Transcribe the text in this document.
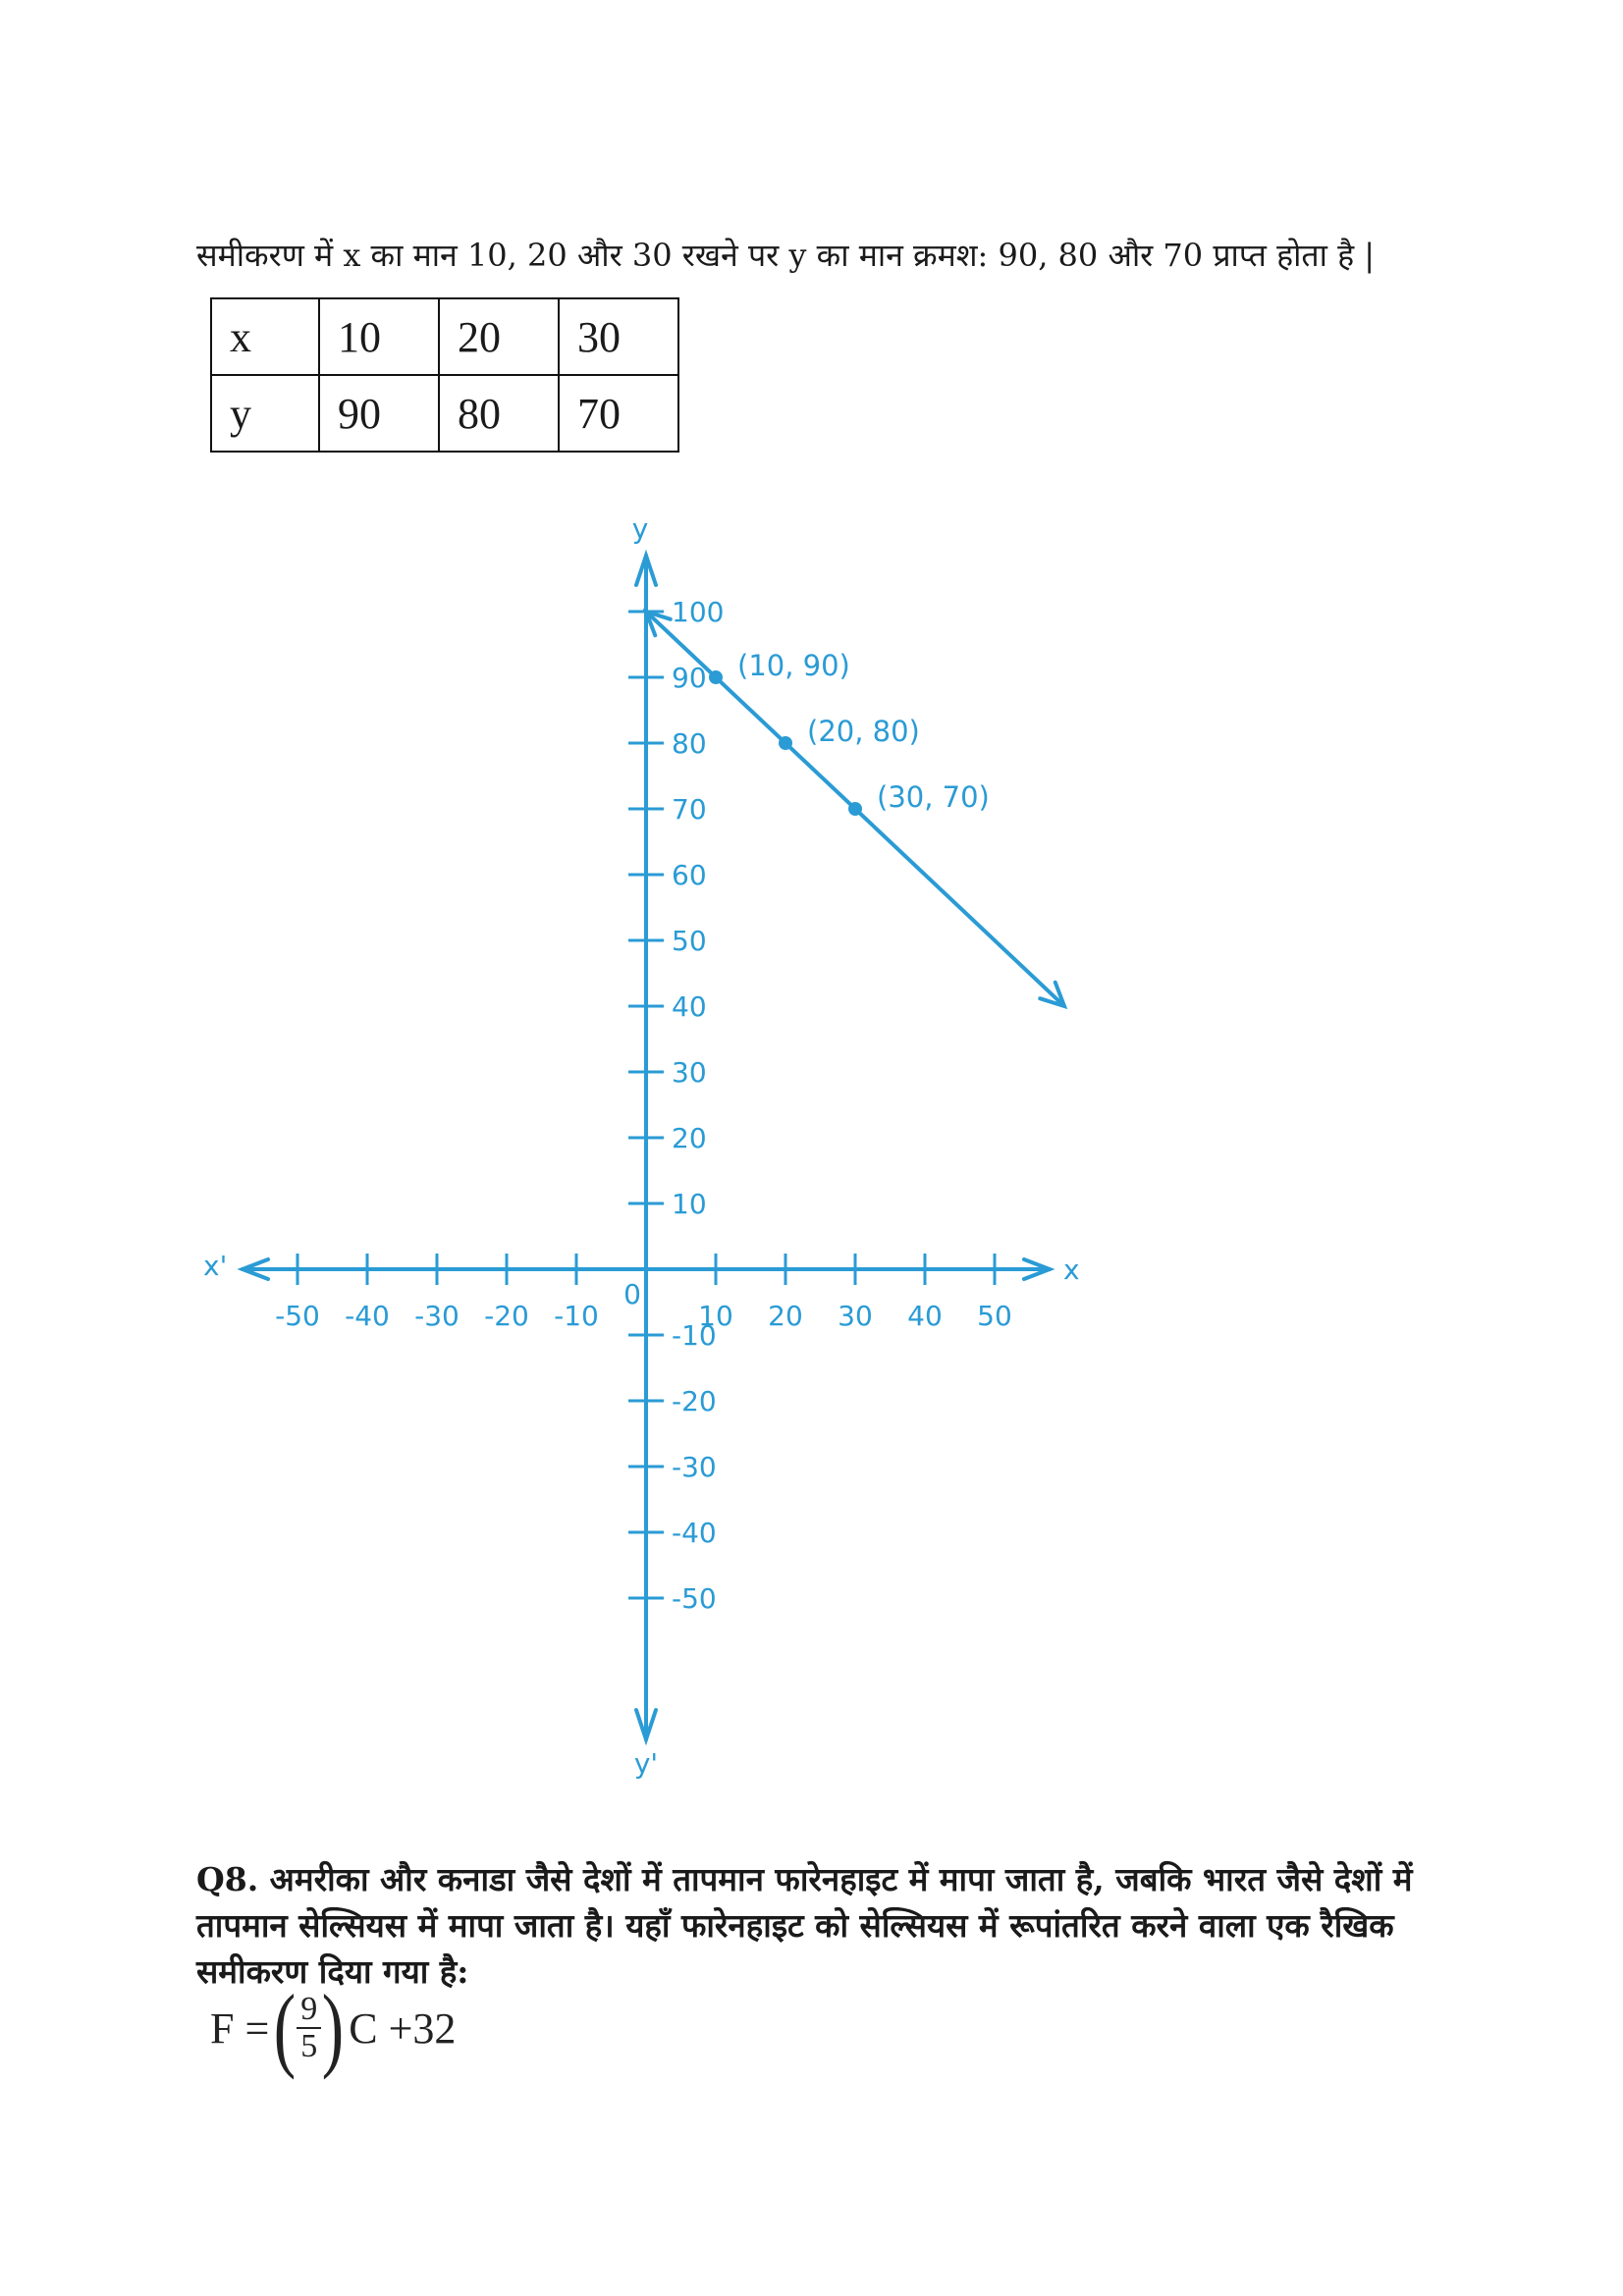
समीकरण में x का मान 10, 20 और 30 रखने पर y का मान क्रमश: 90, 80 और 70 प्राप्त होता है |

x	10	20	30
y	90	80	70
-50 -40 -30 -20 -10	10 20 30 40 50
-50
-40
-30
-20
-10
10
20
30
40
50
60
70
80
90
100
x
x'
y
y'
0
(10, 90)
(20, 80)
(30, 70)

Q8. अमरीका और कनाडा जैसे देशों में तापमान फारेनहाइट में मापा जाता है, जबकि भारत जैसे देशों में तापमान सेल्सियस में मापा जाता है। यहाँ फारेनहाइट को सेल्सियस में रूपांतरित करने वाला एक रैखिक समीकरण दिया गया है:

F = ( $\frac{9}{5}$ ) C +32
